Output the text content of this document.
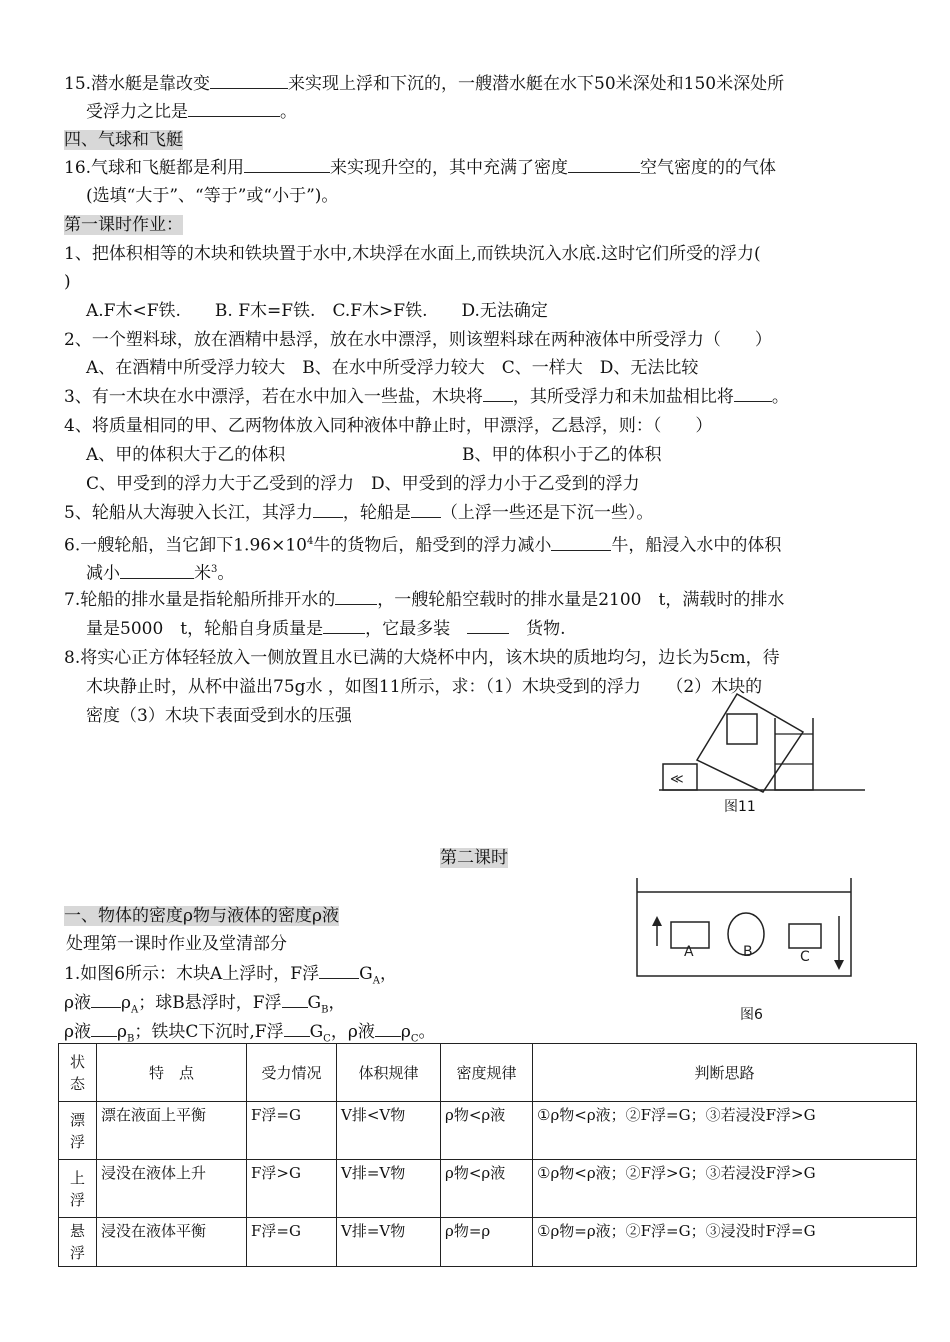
15.潜水艇是靠改变	来实现上浮和下沉的，一艘潜水艇在水下50米深处和150米深处所
受浮力之比是	。
四、气球和飞艇
16.气球和飞艇都是利用	来实现升空的，其中充满了密度	空气密度的的气体
(选填“大于”、“等于”或“小于”)。
第一课时作业：
1、把体积相等的木块和铁块置于水中,木块浮在水面上,而铁块沉入水底.这时它们所受的浮力(
)
A.F木<F铁.　　B. F木=F铁.　C.F木>F铁.　　D.无法确定
2、一个塑料球，放在酒精中悬浮，放在水中漂浮，则该塑料球在两种液体中所受浮力（　　）
A、在酒精中所受浮力较大　B、在水中所受浮力较大　C、一样大　D、无法比较
3、有一木块在水中漂浮，若在水中加入一些盐，木块将 ，其所受浮力和未加盐相比将 。
4、将质量相同的甲、乙两物体放入同种液体中静止时，甲漂浮，乙悬浮，则：（　　）
A、甲的体积大于乙的体积	B、甲的体积小于乙的体积
C、甲受到的浮力大于乙受到的浮力　 D、甲受到的浮力小于乙受到的浮力
5、轮船从大海驶入长江，其浮力 ，轮船是 （上浮一些还是下沉一些）。
6.一艘轮船，当它卸下$1.96\times 10^4$牛的货物后，船受到的浮力减小	牛，船浸入水中的体积
减小	米$^3$。
7.轮船的排水量是指轮船所排开水的 ，一艘轮船空载时的排水量是2100　t，满载时的排水
量是5000　t，轮船自身质量是 ，它最多装　　	货物.
8.将实心正方体轻轻放入一侧放置且水已满的大烧杯中内，该木块的质地均匀，边长为5cm，待
木块静止时，从杯中溢出75g水 ，如图11所示，求：（1）木块受到的浮力　　（2）木块的
密度（3）木块下表面受到水的压强
≪
图11
第二课时
一、物体的密度ρ物与液体的密度ρ液
处理第一课时作业及堂清部分
1.如图6所示：木块A上浮时，F浮 $G_A$，
ρ液 $\rho_A$；球B悬浮时，F浮 $G_B$，
ρ液 $\rho_B$；铁块C下沉时,F浮 $G_C$，ρ液 $\rho_C$。
A	B	C
图6
状态	特　点	受力情况	体积规律	密度规律	判断思路
漂浮	漂在液面上平衡	F浮=G	V排<V物	ρ物<ρ液	①ρ物<ρ液；②F浮=G；③若浸没F浮>G
上浮	浸没在液体上升	F浮>G	V排=V物	ρ物<ρ液	①ρ物<ρ液；②F浮>G；③若浸没F浮>G
悬浮	浸没在液体平衡	F浮=G	V排=V物	ρ物=ρ	①ρ物=ρ液；②F浮=G；③浸没时F浮=G
